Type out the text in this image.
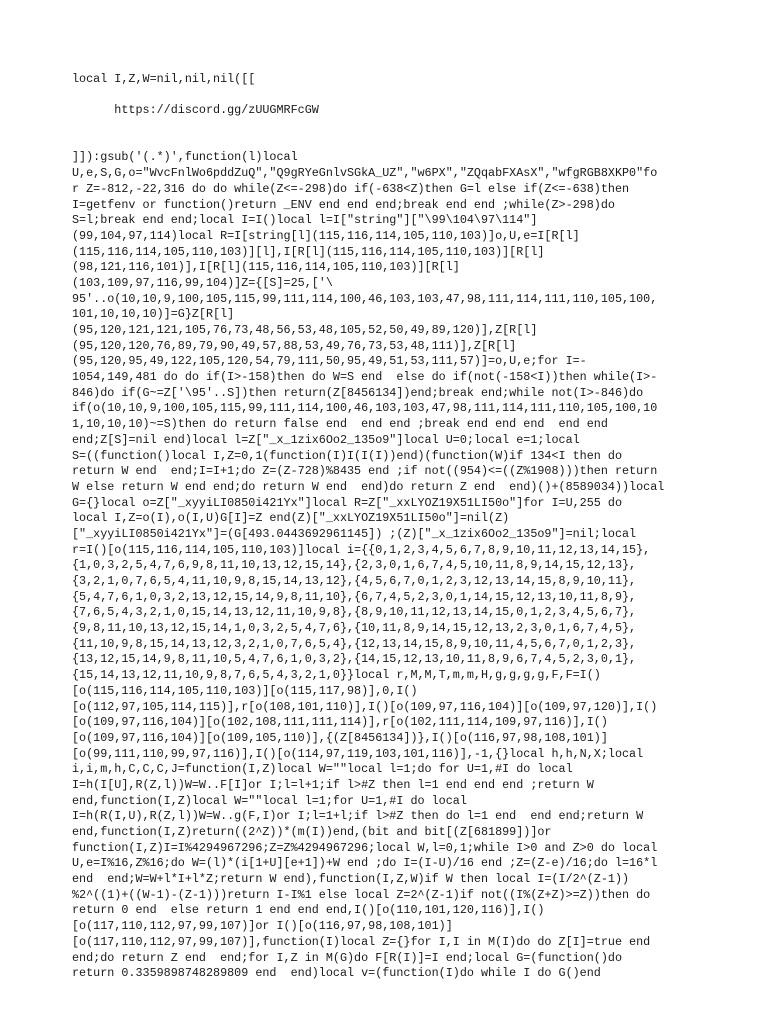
local I,Z,W=nil,nil,nil([[
https://discord.gg/zUUGMRFcGW
]]):gsub('(.*)',function(l)local
U,e,S,G,o="WvcFnlWo6pddZuQ","Q9gRYeGnlvSGkA_UZ","w6PX","ZQqabFXAsX","wfgRGB8XKP0"fo
r Z=-812,-22,316 do do while(Z<=-298)do if(-638<Z)then G=l else if(Z<=-638)then
I=getfenv or function()return _ENV end end end;break end end ;while(Z>-298)do
S=l;break end end;local I=I()local l=I["string"]["\99\104\97\114"]
(99,104,97,114)local R=I[string[l](115,116,114,105,110,103)]o,U,e=I[R[l]
(115,116,114,105,110,103)][l],I[R[l](115,116,114,105,110,103)][R[l]
(98,121,116,101)],I[R[l](115,116,114,105,110,103)][R[l]
(103,109,97,116,99,104)]Z={[S]=25,['\
95'..o(10,10,9,100,105,115,99,111,114,100,46,103,103,47,98,111,114,111,110,105,100,
101,10,10,10)]=G}Z[R[l]
(95,120,121,121,105,76,73,48,56,53,48,105,52,50,49,89,120)],Z[R[l]
(95,120,120,76,89,79,90,49,57,88,53,49,76,73,53,48,111)],Z[R[l]
(95,120,95,49,122,105,120,54,79,111,50,95,49,51,53,111,57)]=o,U,e;for I=-
1054,149,481 do do if(I>-158)then do W=S end  else do if(not(-158<I))then while(I>-
846)do if(G~=Z['\95'..S])then return(Z[8456134])end;break end;while not(I>-846)do
if(o(10,10,9,100,105,115,99,111,114,100,46,103,103,47,98,111,114,111,110,105,100,10
1,10,10,10)~=S)then do return false end  end end ;break end end end  end end
end;Z[S]=nil end)local l=Z["_x_1zix6Oo2_135o9"]local U=0;local e=1;local
S=((function()local I,Z=0,1(function(I)I(I(I))end)(function(W)if 134<I then do
return W end  end;I=I+1;do Z=(Z-728)%8435 end ;if not((954)<=((Z%1908)))then return
W else return W end end;do return W end  end)do return Z end  end)()+(8589034))local
G={}local o=Z["_xyyiLI0850i421Yx"]local R=Z["_xxLYOZ19X51LI50o"]for I=U,255 do
local I,Z=o(I),o(I,U)G[I]=Z end(Z)["_xxLYOZ19X51LI50o"]=nil(Z)
["_xyyiLI0850i421Yx"]=(G[493.0443692961145]) ;(Z)["_x_1zix6Oo2_135o9"]=nil;local
r=I()[o(115,116,114,105,110,103)]local i={{0,1,2,3,4,5,6,7,8,9,10,11,12,13,14,15},
{1,0,3,2,5,4,7,6,9,8,11,10,13,12,15,14},{2,3,0,1,6,7,4,5,10,11,8,9,14,15,12,13},
{3,2,1,0,7,6,5,4,11,10,9,8,15,14,13,12},{4,5,6,7,0,1,2,3,12,13,14,15,8,9,10,11},
{5,4,7,6,1,0,3,2,13,12,15,14,9,8,11,10},{6,7,4,5,2,3,0,1,14,15,12,13,10,11,8,9},
{7,6,5,4,3,2,1,0,15,14,13,12,11,10,9,8},{8,9,10,11,12,13,14,15,0,1,2,3,4,5,6,7},
{9,8,11,10,13,12,15,14,1,0,3,2,5,4,7,6},{10,11,8,9,14,15,12,13,2,3,0,1,6,7,4,5},
{11,10,9,8,15,14,13,12,3,2,1,0,7,6,5,4},{12,13,14,15,8,9,10,11,4,5,6,7,0,1,2,3},
{13,12,15,14,9,8,11,10,5,4,7,6,1,0,3,2},{14,15,12,13,10,11,8,9,6,7,4,5,2,3,0,1},
{15,14,13,12,11,10,9,8,7,6,5,4,3,2,1,0}}local r,M,M,T,m,m,H,g,g,g,g,F,F=I()
[o(115,116,114,105,110,103)][o(115,117,98)],0,I()
[o(112,97,105,114,115)],r[o(108,101,110)],I()[o(109,97,116,104)][o(109,97,120)],I()
[o(109,97,116,104)][o(102,108,111,111,114)],r[o(102,111,114,109,97,116)],I()
[o(109,97,116,104)][o(109,105,110)],{(Z[8456134])},I()[o(116,97,98,108,101)]
[o(99,111,110,99,97,116)],I()[o(114,97,119,103,101,116)],-1,{}local h,h,N,X;local
i,i,m,h,C,C,C,J=function(I,Z)local W=""local l=1;do for U=1,#I do local
I=h(I[U],R(Z,l))W=W..F[I]or I;l=l+1;if l>#Z then l=1 end end end ;return W
end,function(I,Z)local W=""local l=1;for U=1,#I do local
I=h(R(I,U),R(Z,l))W=W..g(F,I)or I;l=1+l;if l>#Z then do l=1 end  end end;return W
end,function(I,Z)return((2^Z))*(m(I))end,(bit and bit[(Z[681899])]or
function(I,Z)I=I%4294967296;Z=Z%4294967296;local W,l=0,1;while I>0 and Z>0 do local
U,e=I%16,Z%16;do W=(l)*(i[1+U][e+1])+W end ;do I=(I-U)/16 end ;Z=(Z-e)/16;do l=16*l
end  end;W=W+l*I+l*Z;return W end),function(I,Z,W)if W then local I=(I/2^(Z-1))
%2^((1)+((W-1)-(Z-1)))return I-I%1 else local Z=2^(Z-1)if not((I%(Z+Z)>=Z))then do
return 0 end  else return 1 end end end,I()[o(110,101,120,116)],I()
[o(117,110,112,97,99,107)]or I()[o(116,97,98,108,101)]
[o(117,110,112,97,99,107)],function(I)local Z={}for I,I in M(I)do do Z[I]=true end
end;do return Z end  end;for I,Z in M(G)do F[R(I)]=I end;local G=(function()do
return 0.3359898748289809 end  end)local v=(function(I)do while I do G()end
